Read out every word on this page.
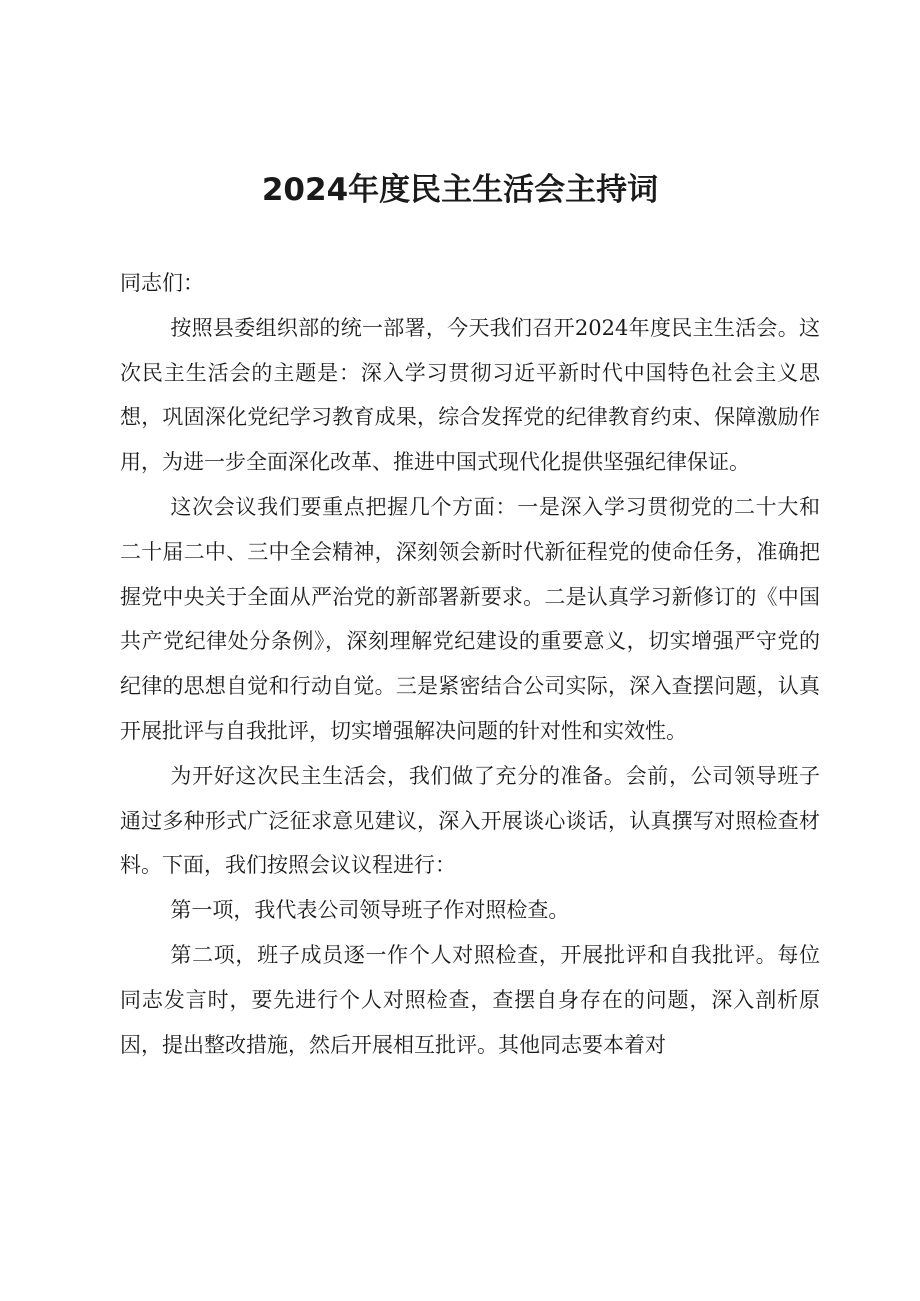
2024年度民主生活会主持词

同志们：

按照县委组织部的统一部署，今天我们召开2024年度民主生活会。这次民主生活会的主题是：深入学习贯彻习近平新时代中国特色社会主义思想，巩固深化党纪学习教育成果，综合发挥党的纪律教育约束、保障激励作用，为进一步全面深化改革、推进中国式现代化提供坚强纪律保证。

这次会议我们要重点把握几个方面：一是深入学习贯彻党的二十大和二十届二中、三中全会精神，深刻领会新时代新征程党的使命任务，准确把握党中央关于全面从严治党的新部署新要求。二是认真学习新修订的《中国共产党纪律处分条例》，深刻理解党纪建设的重要意义，切实增强严守党的纪律的思想自觉和行动自觉。三是紧密结合公司实际，深入查摆问题，认真开展批评与自我批评，切实增强解决问题的针对性和实效性。

为开好这次民主生活会，我们做了充分的准备。会前，公司领导班子通过多种形式广泛征求意见建议，深入开展谈心谈话，认真撰写对照检查材料。下面，我们按照会议议程进行：

第一项，我代表公司领导班子作对照检查。

第二项，班子成员逐一作个人对照检查，开展批评和自我批评。每位同志发言时，要先进行个人对照检查，查摆自身存在的问题，深入剖析原因，提出整改措施，然后开展相互批评。其他同志要本着对
